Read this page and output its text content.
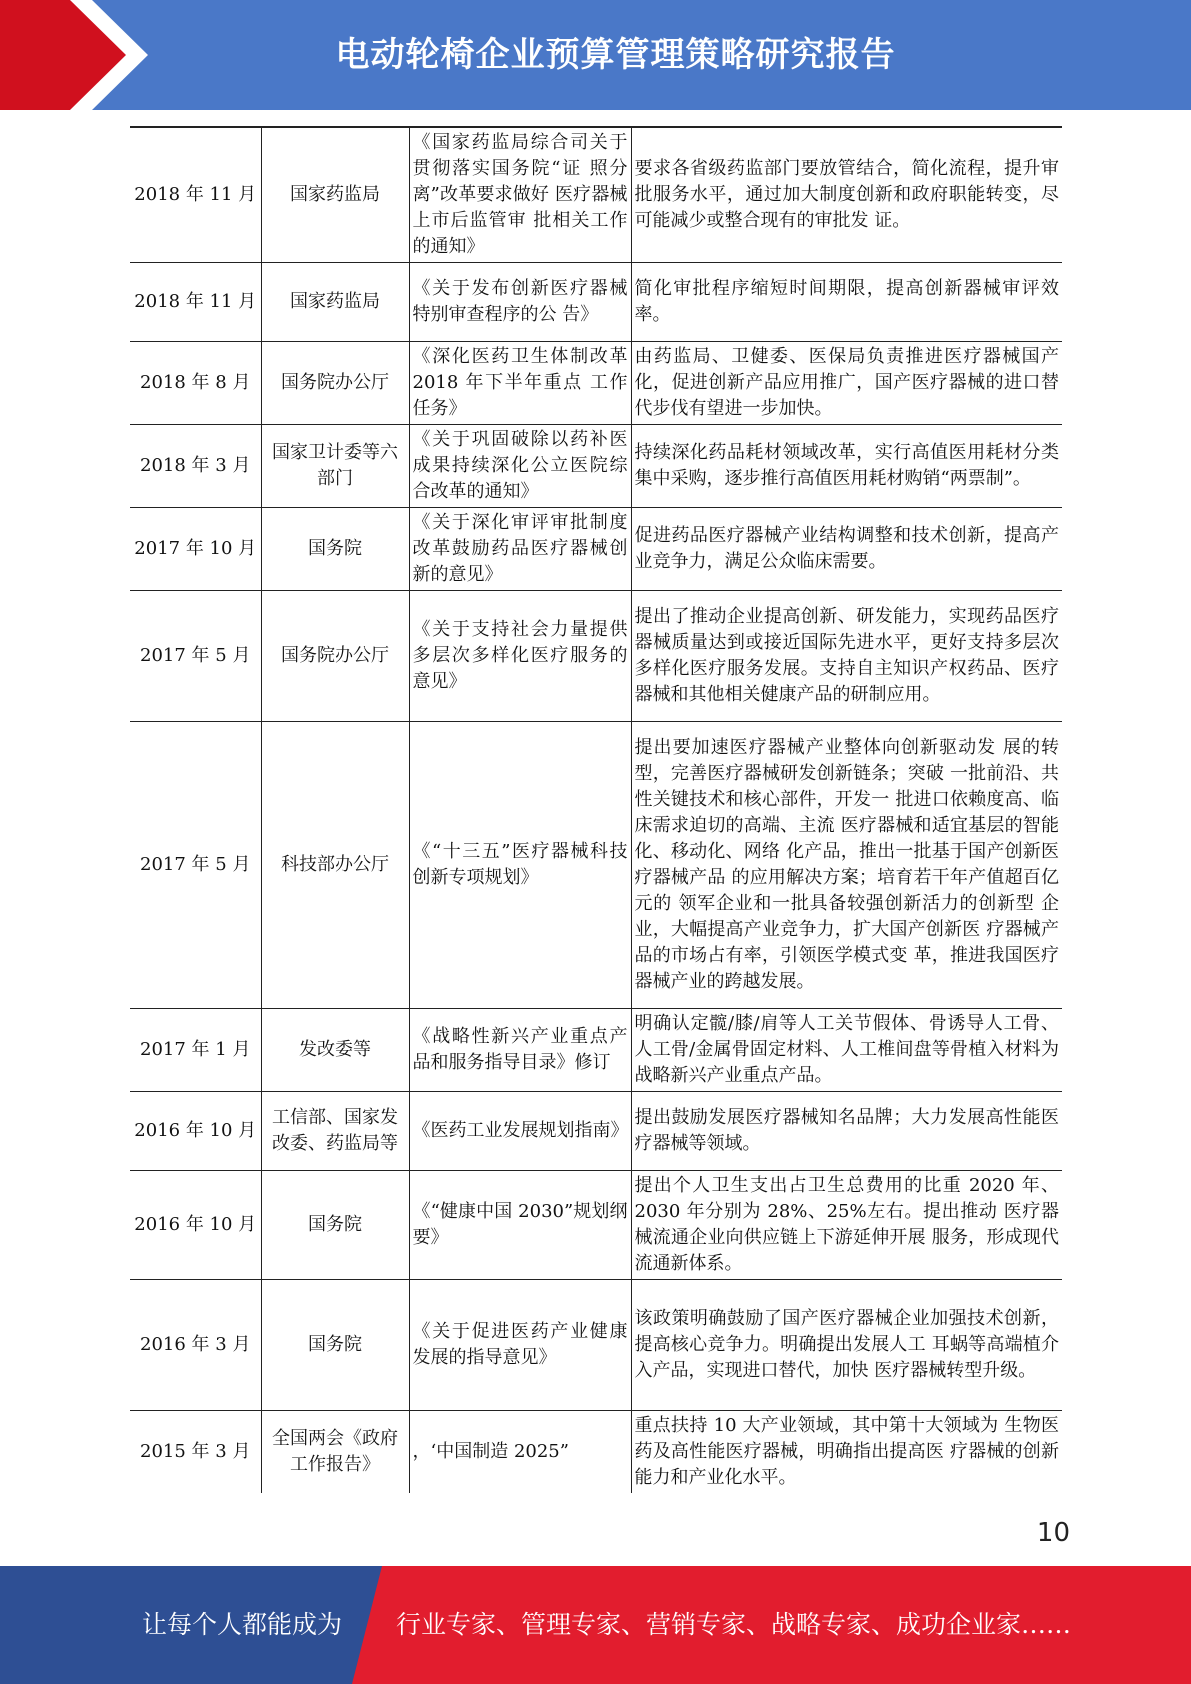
电动轮椅企业预算管理策略研究报告
2018 年 11 月	国家药监局	《国家药监局综合司关于贯彻落实国务院“证 照分离”改革要求做好 医疗器械上市后监管审 批相关工作的通知》	要求各省级药监部门要放管结合，简化流程，提升审批服务水平，通过加大制度创新和政府职能转变，尽可能减少或整合现有的审批发 证。
2018 年 11 月	国家药监局	《关于发布创新医疗器械特别审查程序的公 告》	简化审批程序缩短时间期限，提高创新器械审评效率。
2018 年 8 月	国务院办公厅	《深化医药卫生体制改革 2018 年下半年重点 工作任务》	由药监局、卫健委、医保局负责推进医疗器械国产化，促进创新产品应用推广，国产医疗器械的进口替代步伐有望进一步加快。
2018 年 3 月	国家卫计委等六部门	《关于巩固破除以药补医成果持续深化公立医院综合改革的通知》	持续深化药品耗材领域改革，实行高值医用耗材分类集中采购，逐步推行高值医用耗材购销“两票制”。
2017 年 10 月	国务院	《关于深化审评审批制度改革鼓励药品医疗器械创新的意见》	促进药品医疗器械产业结构调整和技术创新，提高产业竞争力，满足公众临床需要。
2017 年 5 月	国务院办公厅	《关于支持社会力量提供多层次多样化医疗服务的意见》	提出了推动企业提高创新、研发能力，实现药品医疗器械质量达到或接近国际先进水平，更好支持多层次多样化医疗服务发展。支持自主知识产权药品、医疗器械和其他相关健康产品的研制应用。
2017 年 5 月	科技部办公厅	《“十三五”医疗器械科技创新专项规划》	提出要加速医疗器械产业整体向创新驱动发 展的转型，完善医疗器械研发创新链条；突破 一批前沿、共性关键技术和核心部件，开发一 批进口依赖度高、临床需求迫切的高端、主流 医疗器械和适宜基层的智能化、移动化、网络 化产品，推出一批基于国产创新医疗器械产品 的应用解决方案；培育若干年产值超百亿元的 领军企业和一批具备较强创新活力的创新型 企业，大幅提高产业竞争力，扩大国产创新医 疗器械产品的市场占有率，引领医学模式变 革，推进我国医疗器械产业的跨越发展。
2017 年 1 月	发改委等	《战略性新兴产业重点产品和服务指导目录》修订	明确认定髋/膝/肩等人工关节假体、骨诱导人工骨、人工骨/金属骨固定材料、人工椎间盘等骨植入材料为战略新兴产业重点产品。
2016 年 10 月	工信部、国家发改委、药监局等	《医药工业发展规划指南》	提出鼓励发展医疗器械知名品牌；大力发展高性能医疗器械等领域。
2016 年 10 月	国务院	《“健康中国 2030”规划纲要》	提出个人卫生支出占卫生总费用的比重 2020 年、2030 年分别为 28%、25%左右。提出推动 医疗器械流通企业向供应链上下游延伸开展 服务，形成现代流通新体系。
2016 年 3 月	国务院	《关于促进医药产业健康发展的指导意见》	该政策明确鼓励了国产医疗器械企业加强技术创新，提高核心竞争力。明确提出发展人工 耳蜗等高端植介入产品，实现进口替代，加快 医疗器械转型升级。
2015 年 3 月	全国两会《政府工作报告》	，‘中国制造 2025”	重点扶持 10 大产业领域，其中第十大领域为 生物医药及高性能医疗器械，明确指出提高医 疗器械的创新能力和产业化水平。
10
让每个人都能成为 行业专家、管理专家、营销专家、战略专家、成功企业家……
